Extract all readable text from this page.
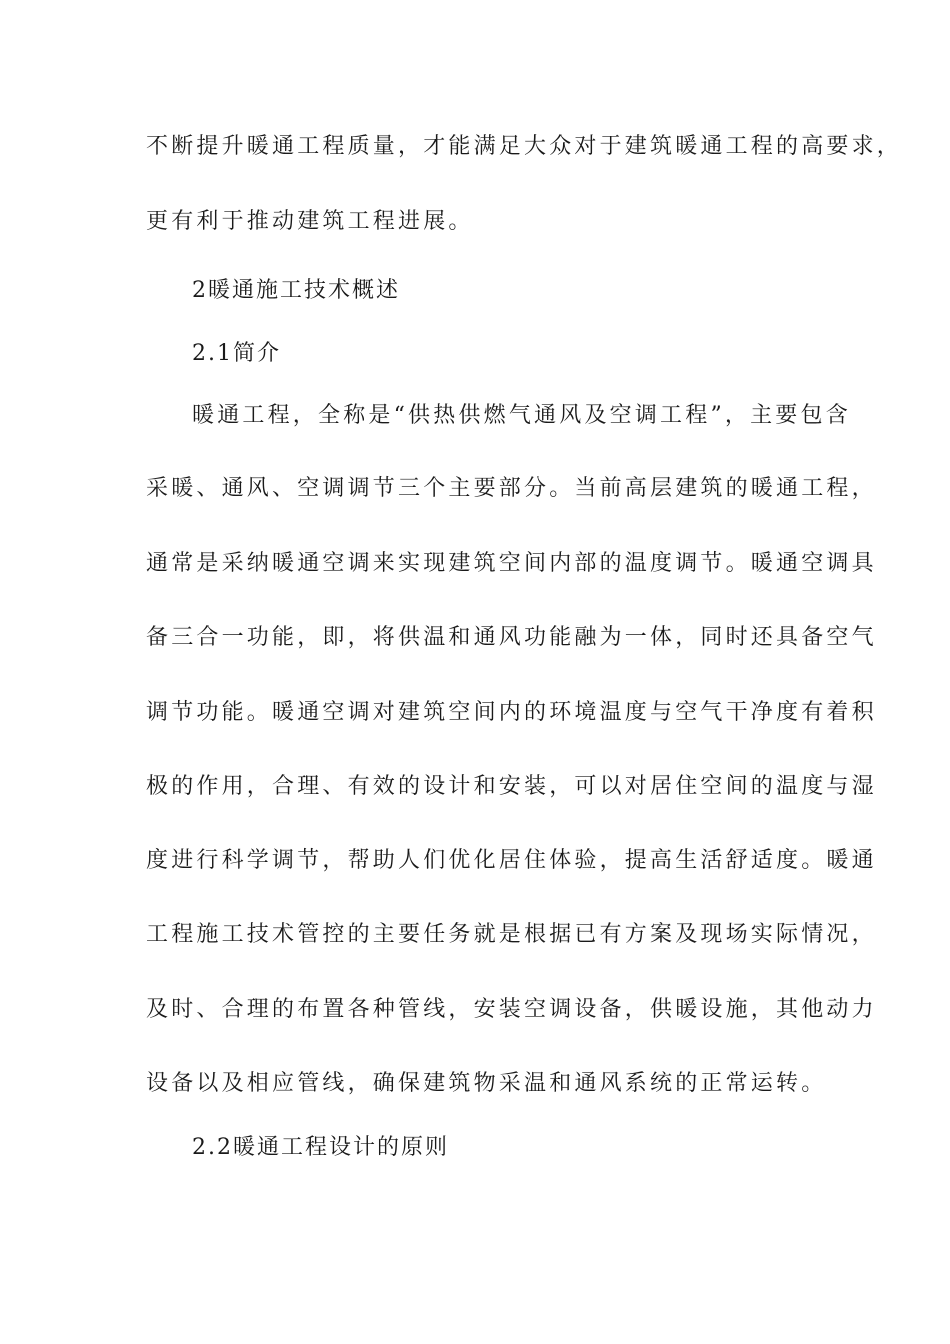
不断提升暖通工程质量，才能满足大众对于建筑暖通工程的高要求，
更有利于推动建筑工程进展。
2暖通施工技术概述
2.1简介
暖通工程，全称是“供热供燃气通风及空调工程”，主要包含
采暖、通风、空调调节三个主要部分。当前高层建筑的暖通工程，
通常是采纳暖通空调来实现建筑空间内部的温度调节。暖通空调具
备三合一功能，即，将供温和通风功能融为一体，同时还具备空气
调节功能。暖通空调对建筑空间内的环境温度与空气干净度有着积
极的作用，合理、有效的设计和安装，可以对居住空间的温度与湿
度进行科学调节，帮助人们优化居住体验，提高生活舒适度。暖通
工程施工技术管控的主要任务就是根据已有方案及现场实际情况，
及时、合理的布置各种管线，安装空调设备，供暖设施，其他动力
设备以及相应管线，确保建筑物采温和通风系统的正常运转。
2.2暖通工程设计的原则
